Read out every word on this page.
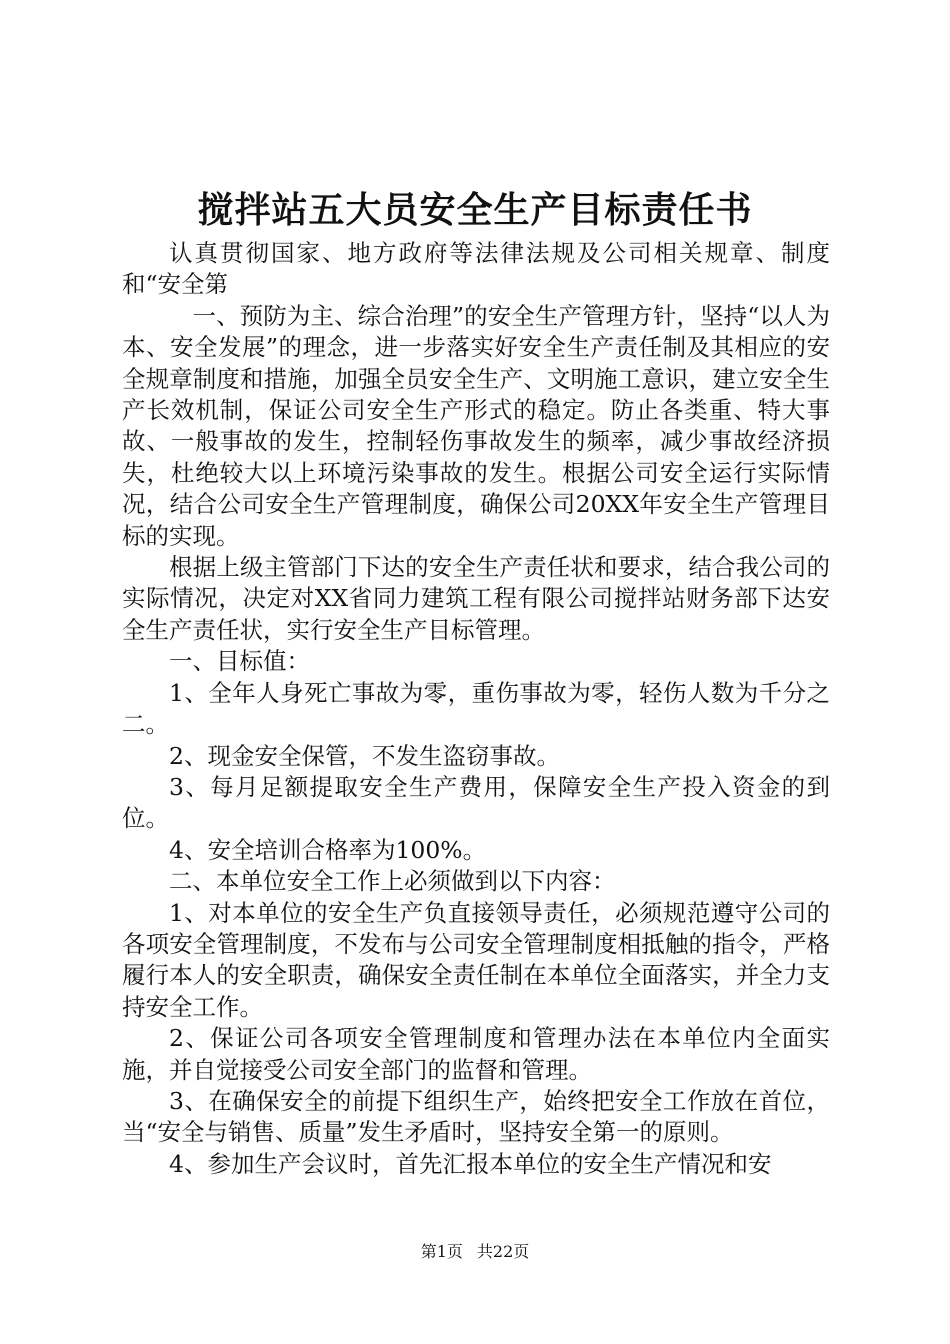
搅拌站五大员安全生产目标责任书

认真贯彻国家、地方政府等法律法规及公司相关规章、制度和“安全第

一、预防为主、综合治理”的安全生产管理方针，坚持“以人为本、安全发展”的理念，进一步落实好安全生产责任制及其相应的安全规章制度和措施，加强全员安全生产、文明施工意识，建立安全生产长效机制，保证公司安全生产形式的稳定。防止各类重、特大事故、一般事故的发生，控制轻伤事故发生的频率，减少事故经济损失，杜绝较大以上环境污染事故的发生。根据公司安全运行实际情况，结合公司安全生产管理制度，确保公司20XX年安全生产管理目标的实现。

根据上级主管部门下达的安全生产责任状和要求，结合我公司的实际情况，决定对XX省同力建筑工程有限公司搅拌站财务部下达安全生产责任状，实行安全生产目标管理。

一、目标值：

1、全年人身死亡事故为零，重伤事故为零，轻伤人数为千分之二。

2、现金安全保管，不发生盗窃事故。

3、每月足额提取安全生产费用，保障安全生产投入资金的到位。

4、安全培训合格率为100%。

二、本单位安全工作上必须做到以下内容：

1、对本单位的安全生产负直接领导责任，必须规范遵守公司的各项安全管理制度，不发布与公司安全管理制度相抵触的指令，严格履行本人的安全职责，确保安全责任制在本单位全面落实，并全力支持安全工作。

2、保证公司各项安全管理制度和管理办法在本单位内全面实施，并自觉接受公司安全部门的监督和管理。

3、在确保安全的前提下组织生产，始终把安全工作放在首位，当“安全与销售、质量”发生矛盾时，坚持安全第一的原则。

4、参加生产会议时，首先汇报本单位的安全生产情况和安

第1页 共22页
